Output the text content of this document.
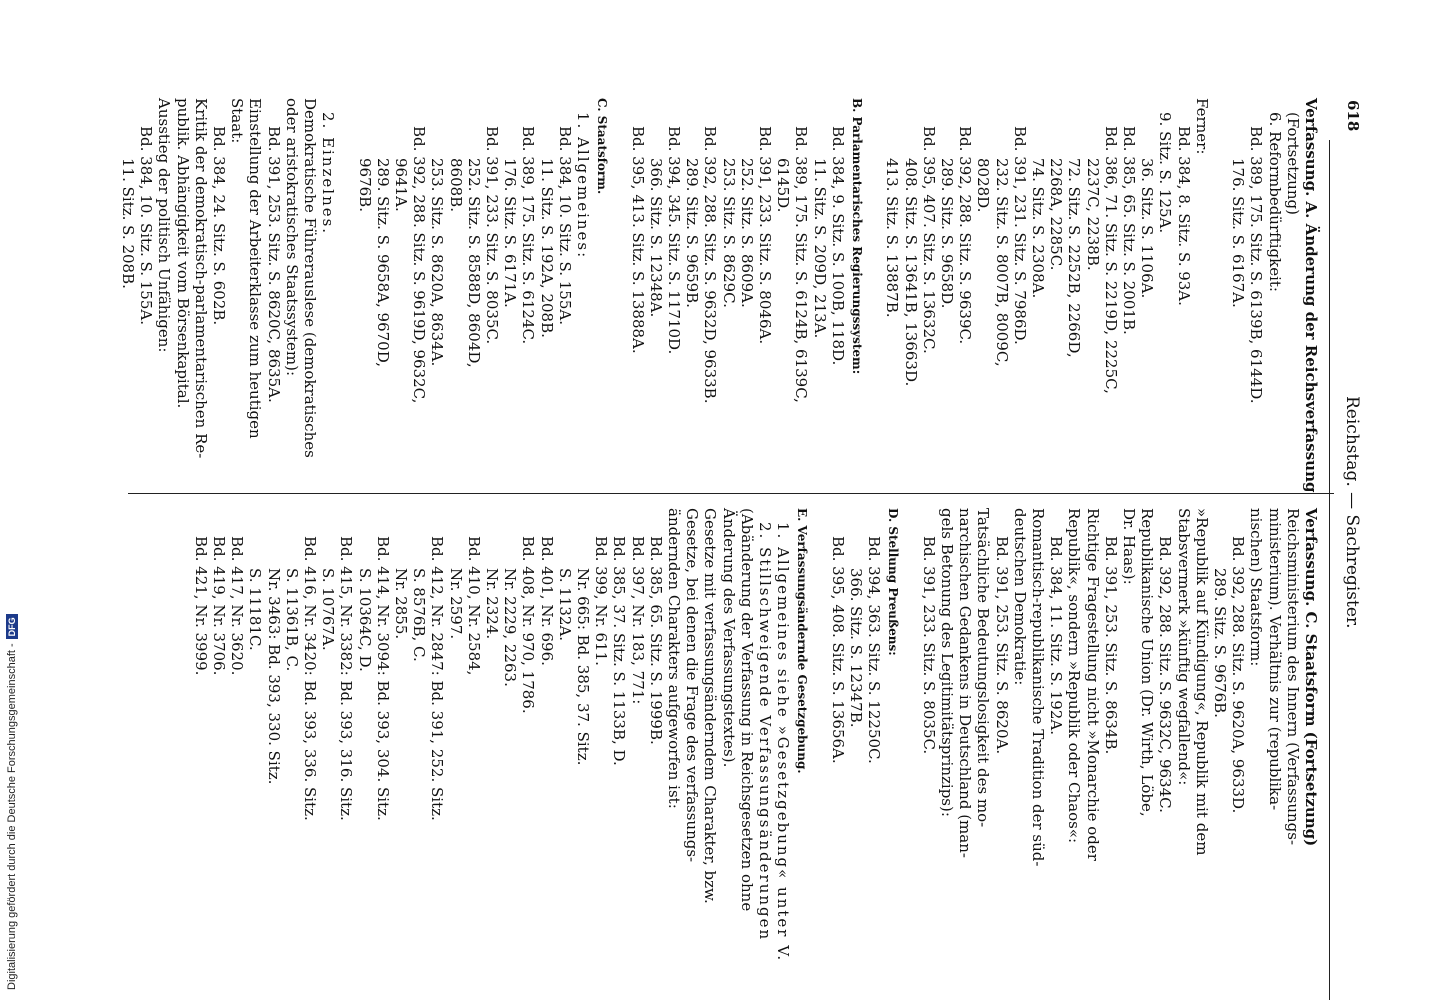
618
Reichstag. — Sachregister.
Verfassung. A. Änderung der Reichsverfassung
(Fortsetzung)
6. Reformbedürftigkeit:
Bd. 389, 175. Sitz. S. 6139B, 6144D.
176. Sitz. S. 6167A.
Ferner:
Bd. 384, 8. Sitz. S. 93A.
9. Sitz. S. 125A.
36. Sitz. S. 1106A.
Bd. 385, 65. Sitz. S. 2001B.
Bd. 386, 71. Sitz. S. 2219D, 2225C,
2237C, 2238B.
72. Sitz. S. 2252B, 2266D,
2268A, 2285C.
74. Sitz. S. 2308A.
Bd. 391, 231. Sitz. S. 7986D.
232. Sitz. S. 8007B, 8009C,
8028D.
Bd. 392, 288. Sitz. S. 9639C.
289. Sitz. S. 9658D.
Bd. 395, 407. Sitz. S. 13632C.
408. Sitz. S. 13641B, 13663D.
413. Sitz. S. 13887B.
B. Parlamentarisches Regierungssystem:
Bd. 384, 9. Sitz. S. 100B, 118D.
11. Sitz. S. 209D, 213A.
Bd. 389, 175. Sitz. S. 6124B, 6139C,
6145D.
Bd. 391, 233. Sitz. S. 8046A.
252. Sitz. S. 8609A.
253. Sitz. S. 8629C.
Bd. 392, 288. Sitz. S. 9632D, 9633B.
289. Sitz. S. 9659B.
Bd. 394, 345. Sitz. S. 11710D.
366. Sitz. S. 12348A.
Bd. 395, 413. Sitz. S. 13888A.
C. Staatsform.
1. Allgemeines:
Bd. 384, 10. Sitz. S. 155A.
11. Sitz. S. 192A, 208B.
Bd. 389, 175. Sitz. S. 6124C.
176. Sitz. S. 6171A.
Bd. 391, 233. Sitz. S. 8035C.
252. Sitz. S. 8588D, 8604D,
8608B.
253. Sitz. S. 8620A, 8634A.
Bd. 392, 288. Sitz. S. 9619D, 9632C,
9641A.
289. Sitz. S. 9658A, 9670D,
9676B.
2. Einzelnes.
Demokratische Führerauslese (demokratisches
oder aristokratisches Staatssystem):
Bd. 391, 253. Sitz. S. 8620C, 8635A.
Einstellung der Arbeiterklasse zum heutigen
Staat:
Bd. 384, 24. Sitz. S. 602B.
Kritik der demokratisch-parlamentarischen Re-
publik. Abhängigkeit vom Börsenkapital.
Ausstieg der politisch Unfähigen:
Bd. 384, 10. Sitz. S. 155A.
11. Sitz. S. 208B.
Verfassung. C. Staatsform (Fortsetzung)
Reichsministerium des Innern (Verfassungs-
ministerium). Verhältnis zur (republika-
nischen) Staatsform:
Bd. 392, 288. Sitz. S. 9620A, 9633D.
289. Sitz. S. 9676B.
»Republik auf Kündigung«, Republik mit dem
Stabsvermerk »künftig wegfallend«:
Bd. 392, 288. Sitz. S. 9632C, 9634C.
Republikanische Union (Dr. Wirth, Löbe,
Dr. Haas):
Bd. 391, 253. Sitz. S. 8634B.
Richtige Fragestellung nicht »Monarchie oder
Republik«, sondern »Republik oder Chaos«:
Bd. 384, 11. Sitz. S. 192A.
Romantisch-republikanische Tradition der süd-
deutschen Demokratie:
Bd. 391, 253. Sitz. S. 8620A.
Tatsächliche Bedeutungslosigkeit des mo-
narchischen Gedankens in Deutschland (man-
gels Betonung des Legitimitätsprinzips):
Bd. 391, 233. Sitz. S. 8035C.
D. Stellung Preußens:
Bd. 394, 363. Sitz. S. 12250C.
366. Sitz. S. 12347B.
Bd. 395, 408. Sitz. S. 13656A.
E. Verfassungsändernde Gesetzgebung.
1. Allgemeines siehe »Gesetzgebung« unter V.
2. Stillschweigende Verfassungsänderungen
(Abänderung der Verfassung in Reichsgesetzen ohne
Änderung des Verfassungstextes).
Gesetze mit verfassungsänderndem Charakter, bzw.
Gesetze, bei denen die Frage des verfassungs-
ändernden Charakters aufgeworfen ist:
Bd. 385, 65. Sitz. S. 1999B.
Bd. 397, Nr. 183, 771:
Bd. 385, 37. Sitz. S. 1133B, D.
Bd. 399, Nr. 611.
Nr. 665: Bd. 385, 37. Sitz.
S. 1132A.
Bd. 401, Nr. 696.
Bd. 408, Nr. 970, 1786.
Nr. 2229, 2263.
Nr. 2324.
Bd. 410, Nr. 2584,
Nr. 2597.
Bd. 412, Nr. 2847: Bd. 391, 252. Sitz.
S. 8576B, C.
Nr. 2855.
Bd. 414, Nr. 3094: Bd. 393, 304. Sitz.
S. 10364C, D.
Bd. 415, Nr. 3382: Bd. 393, 316. Sitz.
S. 10767A.
Bd. 416, Nr. 3420: Bd. 393, 336. Sitz.
S. 11361B, C.
Nr. 3463: Bd. 393, 330. Sitz.
S. 11181C.
Bd. 417, Nr. 3620.
Bd. 419, Nr. 3706.
Bd. 421, Nr. 3999.
Digitalisierung gefördert durch die Deutsche Forschungsgemeinschaft -
DFG
